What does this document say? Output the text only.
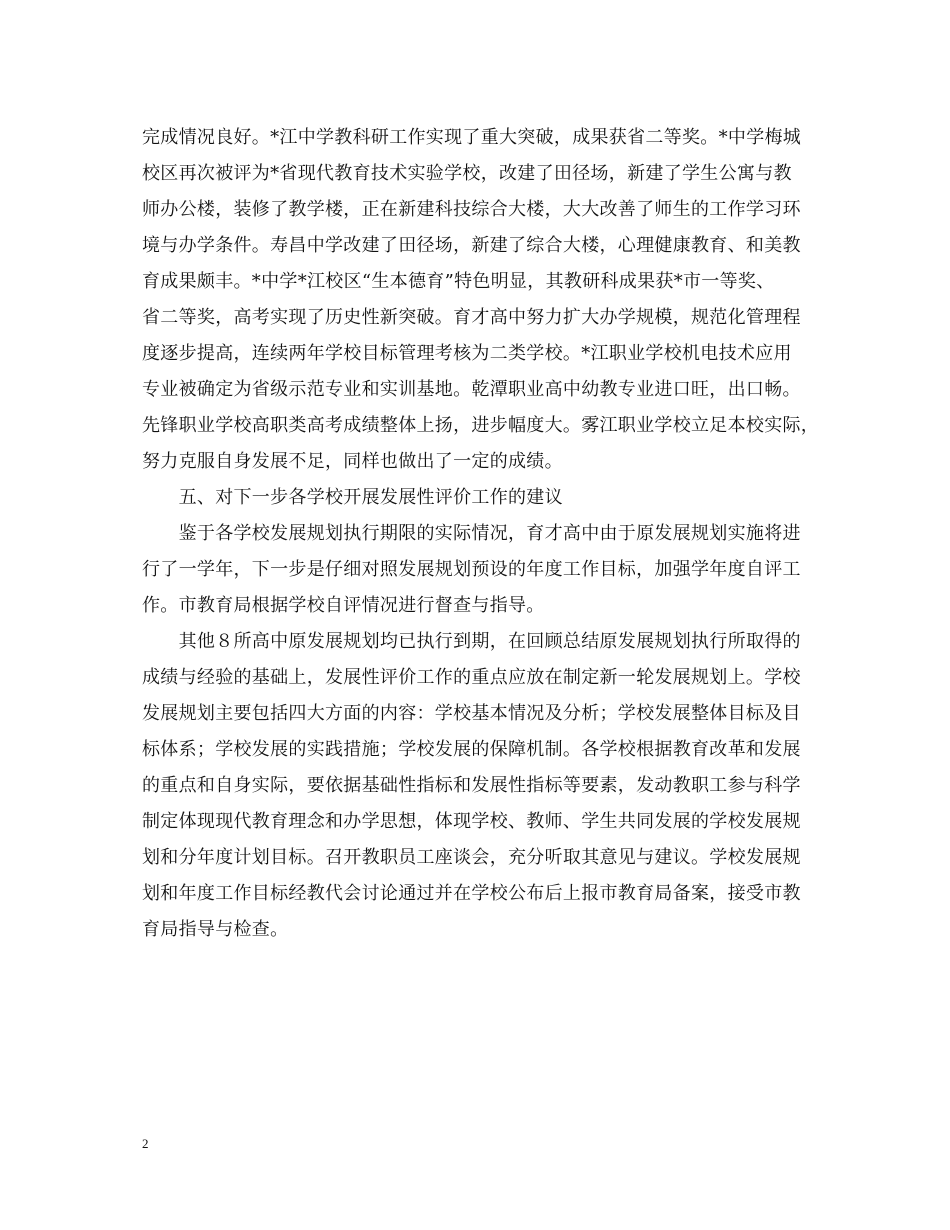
完成情况良好。*江中学教科研工作实现了重大突破，成果获省二等奖。*中学梅城
校区再次被评为*省现代教育技术实验学校，改建了田径场，新建了学生公寓与教
师办公楼，装修了教学楼，正在新建科技综合大楼，大大改善了师生的工作学习环
境与办学条件。寿昌中学改建了田径场，新建了综合大楼，心理健康教育、和美教
育成果颇丰。*中学*江校区“生本德育”特色明显，其教研科成果获*市一等奖、
省二等奖，高考实现了历史性新突破。育才高中努力扩大办学规模，规范化管理程
度逐步提高，连续两年学校目标管理考核为二类学校。*江职业学校机电技术应用
专业被确定为省级示范专业和实训基地。乾潭职业高中幼教专业进口旺，出口畅。
先锋职业学校高职类高考成绩整体上扬，进步幅度大。雾江职业学校立足本校实际，
努力克服自身发展不足，同样也做出了一定的成绩。
　　五、对下一步各学校开展发展性评价工作的建议
　　鉴于各学校发展规划执行期限的实际情况，育才高中由于原发展规划实施将进
行了一学年，下一步是仔细对照发展规划预设的年度工作目标，加强学年度自评工
作。市教育局根据学校自评情况进行督查与指导。
　　其他８所高中原发展规划均已执行到期，在回顾总结原发展规划执行所取得的
成绩与经验的基础上，发展性评价工作的重点应放在制定新一轮发展规划上。学校
发展规划主要包括四大方面的内容：学校基本情况及分析；学校发展整体目标及目
标体系；学校发展的实践措施；学校发展的保障机制。各学校根据教育改革和发展
的重点和自身实际，要依据基础性指标和发展性指标等要素，发动教职工参与科学
制定体现现代教育理念和办学思想，体现学校、教师、学生共同发展的学校发展规
划和分年度计划目标。召开教职员工座谈会，充分听取其意见与建议。学校发展规
划和年度工作目标经教代会讨论通过并在学校公布后上报市教育局备案，接受市教
育局指导与检查。
2
